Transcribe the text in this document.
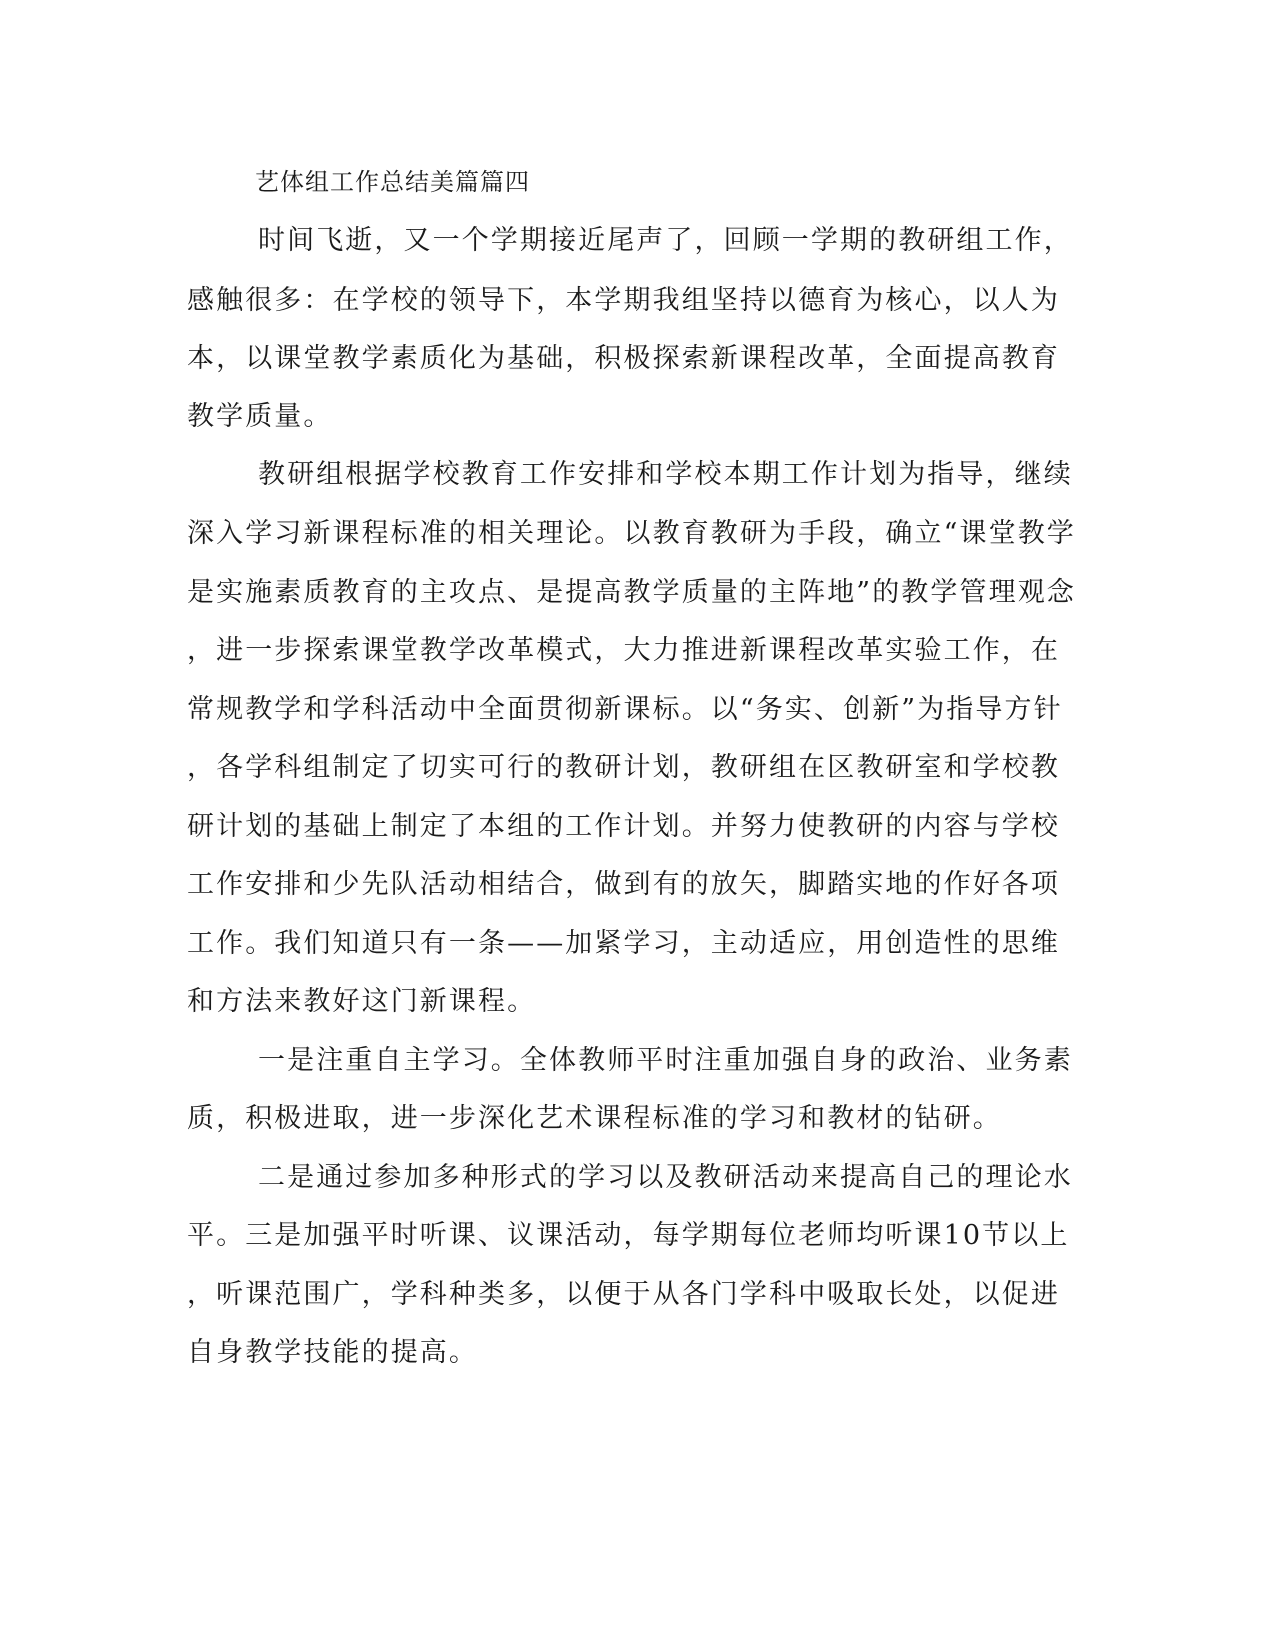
艺体组工作总结美篇篇四
时间飞逝，又一个学期接近尾声了，回顾一学期的教研组工作，
感触很多：在学校的领导下，本学期我组坚持以德育为核心，以人为
本，以课堂教学素质化为基础，积极探索新课程改革，全面提高教育
教学质量。
教研组根据学校教育工作安排和学校本期工作计划为指导，继续
深入学习新课程标准的相关理论。以教育教研为手段，确立“课堂教学
是实施素质教育的主攻点、是提高教学质量的主阵地”的教学管理观念
，进一步探索课堂教学改革模式，大力推进新课程改革实验工作，在
常规教学和学科活动中全面贯彻新课标。以“务实、创新”为指导方针
，各学科组制定了切实可行的教研计划，教研组在区教研室和学校教
研计划的基础上制定了本组的工作计划。并努力使教研的内容与学校
工作安排和少先队活动相结合，做到有的放矢，脚踏实地的作好各项
工作。我们知道只有一条——加紧学习，主动适应，用创造性的思维
和方法来教好这门新课程。
一是注重自主学习。全体教师平时注重加强自身的政治、业务素
质，积极进取，进一步深化艺术课程标准的学习和教材的钻研。
二是通过参加多种形式的学习以及教研活动来提高自己的理论水
平。三是加强平时听课、议课活动，每学期每位老师均听课10节以上
，听课范围广，学科种类多，以便于从各门学科中吸取长处，以促进
自身教学技能的提高。
